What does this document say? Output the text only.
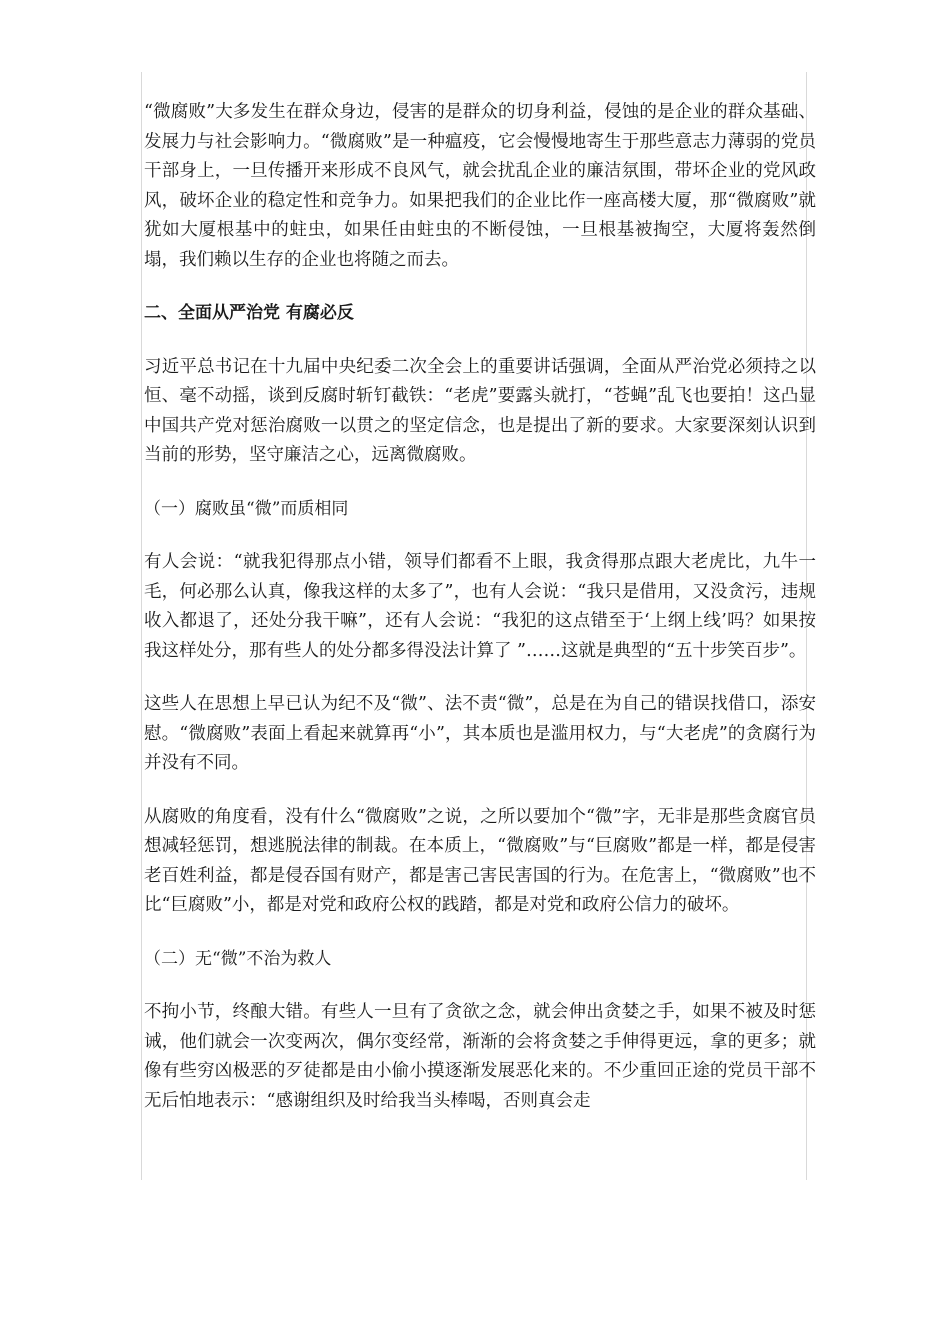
“微腐败”大多发生在群众身边，侵害的是群众的切身利益，侵蚀的是企业的群众基础、发展力与社会影响力。“微腐败”是一种瘟疫，它会慢慢地寄生于那些意志力薄弱的党员干部身上，一旦传播开来形成不良风气，就会扰乱企业的廉洁氛围，带坏企业的党风政风，破坏企业的稳定性和竞争力。如果把我们的企业比作一座高楼大厦，那“微腐败”就犹如大厦根基中的蛀虫，如果任由蛀虫的不断侵蚀，一旦根基被掏空，大厦将轰然倒塌，我们赖以生存的企业也将随之而去。

二、全面从严治党 有腐必反

习近平总书记在十九届中央纪委二次全会上的重要讲话强调，全面从严治党必须持之以恒、毫不动摇，谈到反腐时斩钉截铁：“老虎”要露头就打，“苍蝇”乱飞也要拍！这凸显中国共产党对惩治腐败一以贯之的坚定信念，也是提出了新的要求。大家要深刻认识到当前的形势，坚守廉洁之心，远离微腐败。

（一）腐败虽“微”而质相同

有人会说：“就我犯得那点小错，领导们都看不上眼，我贪得那点跟大老虎比，九牛一毛，何必那么认真，像我这样的太多了”，也有人会说：“我只是借用，又没贪污，违规收入都退了，还处分我干嘛”，还有人会说：“我犯的这点错至于‘上纲上线’吗？如果按我这样处分，那有些人的处分都多得没法计算了 ”……这就是典型的“五十步笑百步”。

这些人在思想上早已认为纪不及“微”、法不责“微”，总是在为自己的错误找借口，添安慰。“微腐败”表面上看起来就算再“小”，其本质也是滥用权力，与“大老虎”的贪腐行为并没有不同。

从腐败的角度看，没有什么“微腐败”之说，之所以要加个“微”字，无非是那些贪腐官员想减轻惩罚，想逃脱法律的制裁。在本质上，“微腐败”与“巨腐败”都是一样，都是侵害老百姓利益，都是侵吞国有财产，都是害己害民害国的行为。在危害上，“微腐败”也不比“巨腐败”小，都是对党和政府公权的践踏，都是对党和政府公信力的破坏。

（二）无“微”不治为救人

不拘小节，终酿大错。有些人一旦有了贪欲之念，就会伸出贪婪之手，如果不被及时惩诫，他们就会一次变两次，偶尔变经常，渐渐的会将贪婪之手伸得更远，拿的更多；就像有些穷凶极恶的歹徒都是由小偷小摸逐渐发展恶化来的。不少重回正途的党员干部不无后怕地表示：“感谢组织及时给我当头棒喝，否则真会走
